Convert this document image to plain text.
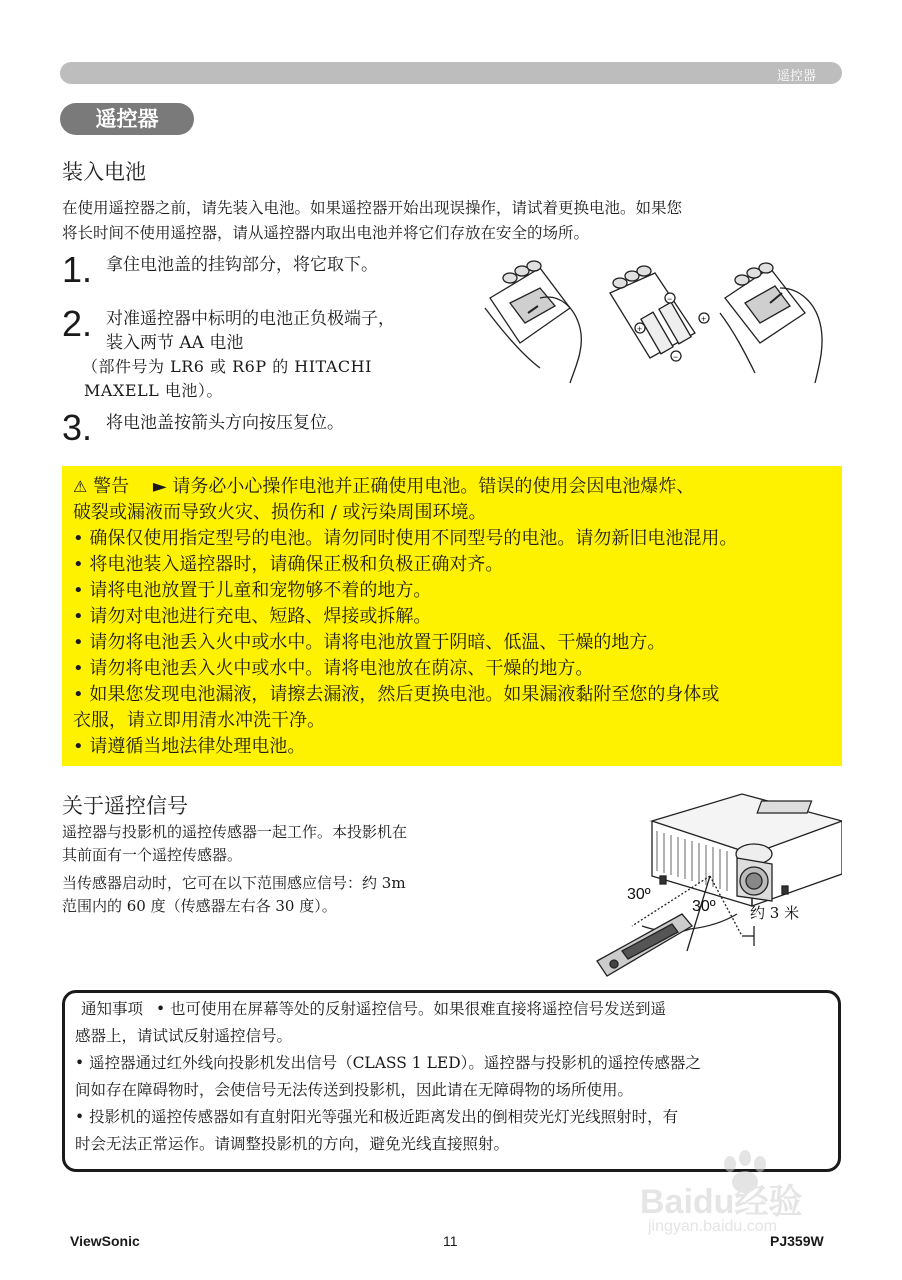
遥控器
遥控器
装入电池
在使用遥控器之前，请先装入电池。如果遥控器开始出现误操作，请试着更换电池。如果您
将长时间不使用遥控器，请从遥控器内取出电池并将它们存放在安全的场所。
1. 拿住电池盖的挂钩部分，将它取下。
2. 对准遥控器中标明的电池正负极端子，
装入两节 AA 电池
（部件号为 LR6 或 R6P 的 HITACHI
MAXELL 电池）。
3. 将电池盖按箭头方向按压复位。
−
+
+
−
⚠ 警告 ► 请务必小心操作电池并正确使用电池。错误的使用会因电池爆炸、
破裂或漏液而导致火灾、损伤和 / 或污染周围环境。
• 确保仅使用指定型号的电池。请勿同时使用不同型号的电池。请勿新旧电池混用。
• 将电池装入遥控器时，请确保正极和负极正确对齐。
• 请将电池放置于儿童和宠物够不着的地方。
• 请勿对电池进行充电、短路、焊接或拆解。
• 请勿将电池丢入火中或水中。请将电池放置于阴暗、低温、干燥的地方。
• 请勿将电池丢入火中或水中。请将电池放在荫凉、干燥的地方。
• 如果您发现电池漏液，请擦去漏液，然后更换电池。如果漏液黏附至您的身体或
衣服，请立即用清水冲洗干净。
• 请遵循当地法律处理电池。
关于遥控信号
遥控器与投影机的遥控传感器一起工作。本投影机在
其前面有一个遥控传感器。
当传感器启动时，它可在以下范围感应信号：约 3m
范围内的 60 度（传感器左右各 30 度）。
30º
30º 约 3 米
通知事项 • 也可使用在屏幕等处的反射遥控信号。如果很难直接将遥控信号发送到遥
感器上，请试试反射遥控信号。
• 遥控器通过红外线向投影机发出信号（CLASS 1 LED）。遥控器与投影机的遥控传感器之
间如存在障碍物时，会使信号无法传送到投影机，因此请在无障碍物的场所使用。
• 投影机的遥控传感器如有直射阳光等强光和极近距离发出的倒相荧光灯光线照射时，有
时会无法正常运作。请调整投影机的方向，避免光线直接照射。
Baidu经验
jingyan.baidu.com
ViewSonic	11	PJ359W
